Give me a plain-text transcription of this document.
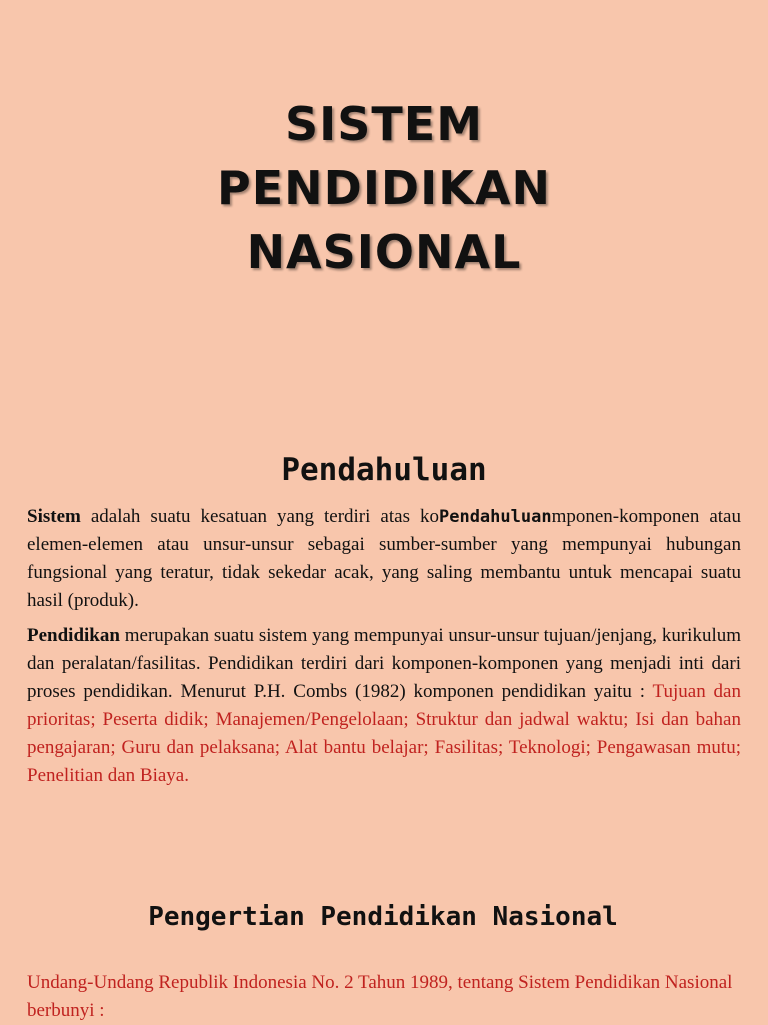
SISTEM
PENDIDIKAN
NASIONAL
Pendahuluan
Sistem adalah suatu kesatuan yang terdiri atas koPendahuluanmponen-komponen atau elemen-elemen atau unsur-unsur sebagai sumber-sumber yang mempunyai hubungan fungsional yang teratur, tidak sekedar acak, yang saling membantu untuk mencapai suatu hasil (produk).
Pendidikan merupakan suatu sistem yang mempunyai unsur-unsur tujuan/jenjang, kurikulum dan peralatan/fasilitas. Pendidikan terdiri dari komponen-komponen yang menjadi inti dari proses pendidikan. Menurut P.H. Combs (1982) komponen pendidikan yaitu : Tujuan dan prioritas; Peserta didik; Manajemen/Pengelolaan; Struktur dan jadwal waktu; Isi dan bahan pengajaran; Guru dan pelaksana; Alat bantu belajar; Fasilitas; Teknologi; Pengawasan mutu; Penelitian dan Biaya.
Pengertian Pendidikan Nasional
Undang-Undang Republik Indonesia No. 2 Tahun 1989, tentang Sistem Pendidikan Nasional berbunyi :
